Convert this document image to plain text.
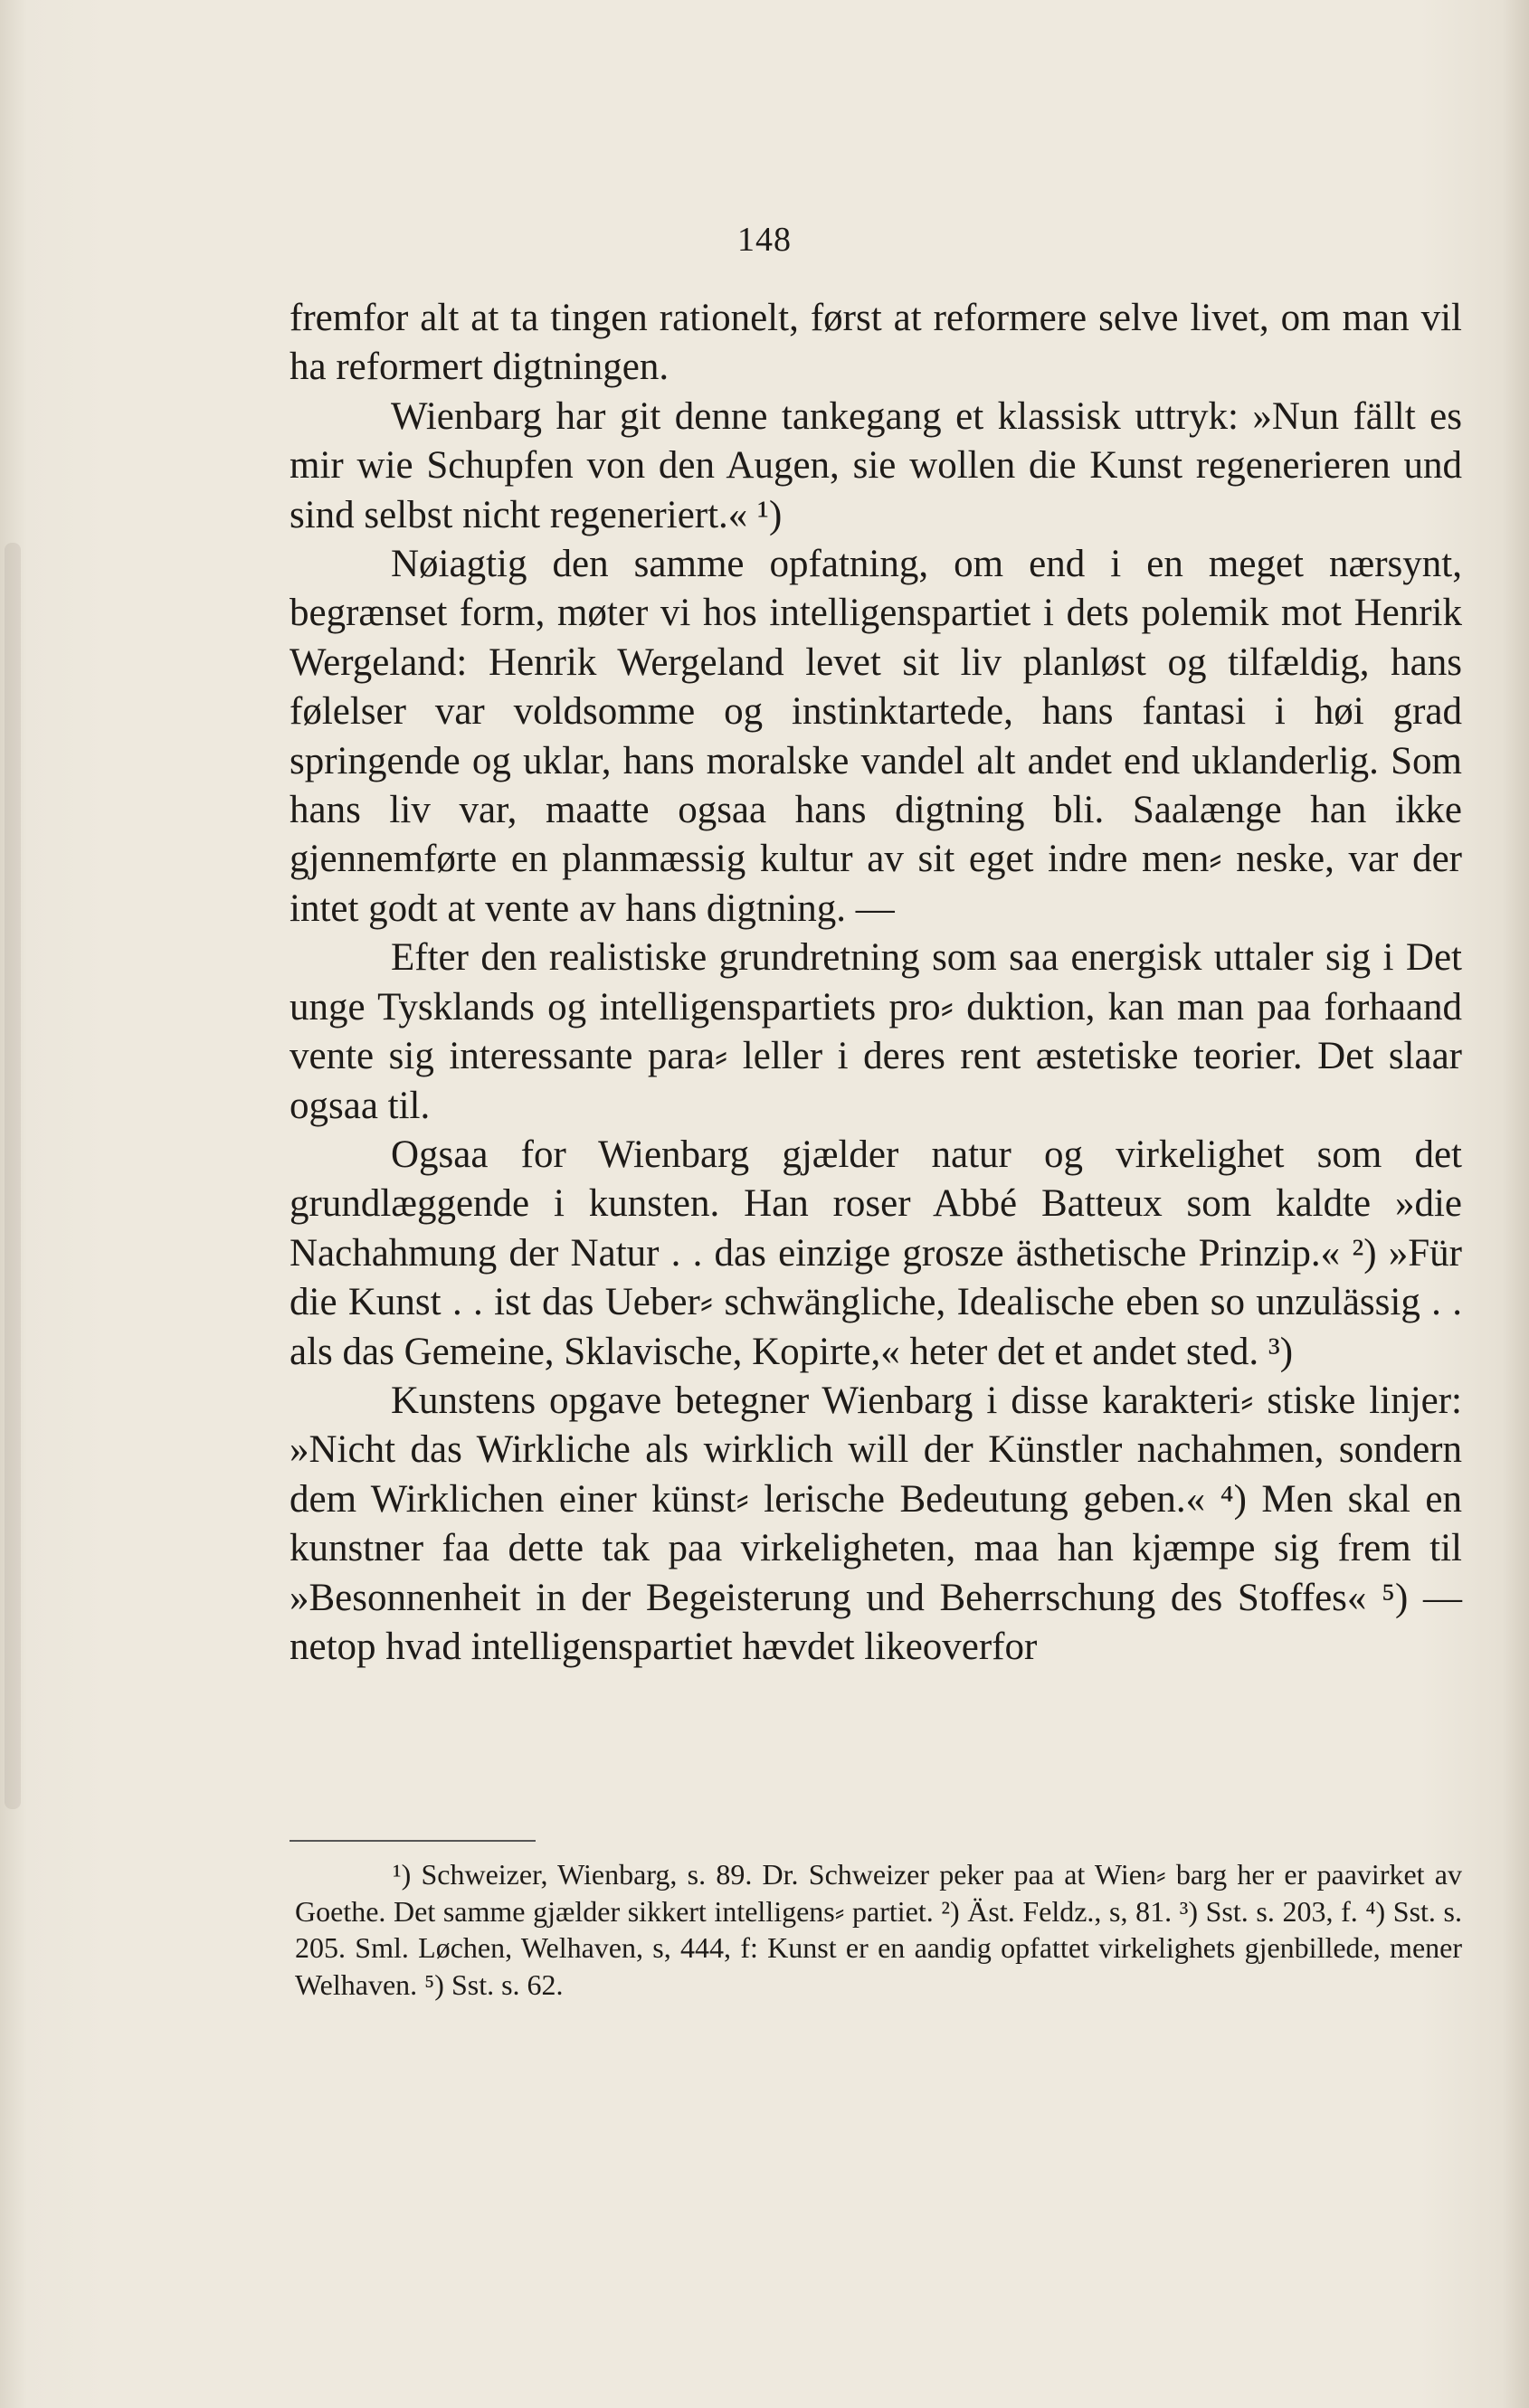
148

fremfor alt at ta tingen rationelt, først at reformere selve livet, om man vil ha reformert digtningen.

Wienbarg har git denne tankegang et klassisk uttryk: »Nun fällt es mir wie Schupfen von den Augen, sie wollen die Kunst regenerieren und sind selbst nicht regeneriert.« ¹)

Nøiagtig den samme opfatning, om end i en meget nærsynt, begrænset form, møter vi hos intelligenspartiet i dets polemik mot Henrik Wergeland: Henrik Wergeland levet sit liv planløst og tilfældig, hans følelser var voldsomme og instinktartede, hans fantasi i høi grad springende og uklar, hans moralske vandel alt andet end uklanderlig. Som hans liv var, maatte ogsaa hans digtning bli. Saalænge han ikke gjennemførte en planmæssig kultur av sit eget indre men⸗ neske, var der intet godt at vente av hans digtning. —

Efter den realistiske grundretning som saa energisk uttaler sig i Det unge Tysklands og intelligenspartiets pro⸗ duktion, kan man paa forhaand vente sig interessante para⸗ leller i deres rent æstetiske teorier. Det slaar ogsaa til.

Ogsaa for Wienbarg gjælder natur og virkelighet som det grundlæggende i kunsten. Han roser Abbé Batteux som kaldte »die Nachahmung der Natur . . das einzige grosze ästhetische Prinzip.« ²) »Für die Kunst . . ist das Ueber⸗ schwängliche, Idealische eben so unzulässig . . als das Gemeine, Sklavische, Kopirte,« heter det et andet sted. ³)

Kunstens opgave betegner Wienbarg i disse karakteri⸗ stiske linjer: »Nicht das Wirkliche als wirklich will der Künstler nachahmen, sondern dem Wirklichen einer künst⸗ lerische Bedeutung geben.« ⁴) Men skal en kunstner faa dette tak paa virkeligheten, maa han kjæmpe sig frem til »Besonnenheit in der Begeisterung und Beherrschung des Stoffes« ⁵) — netop hvad intelligenspartiet hævdet likeoverfor

¹) Schweizer, Wienbarg, s. 89. Dr. Schweizer peker paa at Wien⸗ barg her er paavirket av Goethe. Det samme gjælder sikkert intelligens⸗ partiet. ²) Äst. Feldz., s, 81. ³) Sst. s. 203, f. ⁴) Sst. s. 205. Sml. Løchen, Welhaven, s, 444, f: Kunst er en aandig opfattet virkelighets gjenbillede, mener Welhaven. ⁵) Sst. s. 62.
